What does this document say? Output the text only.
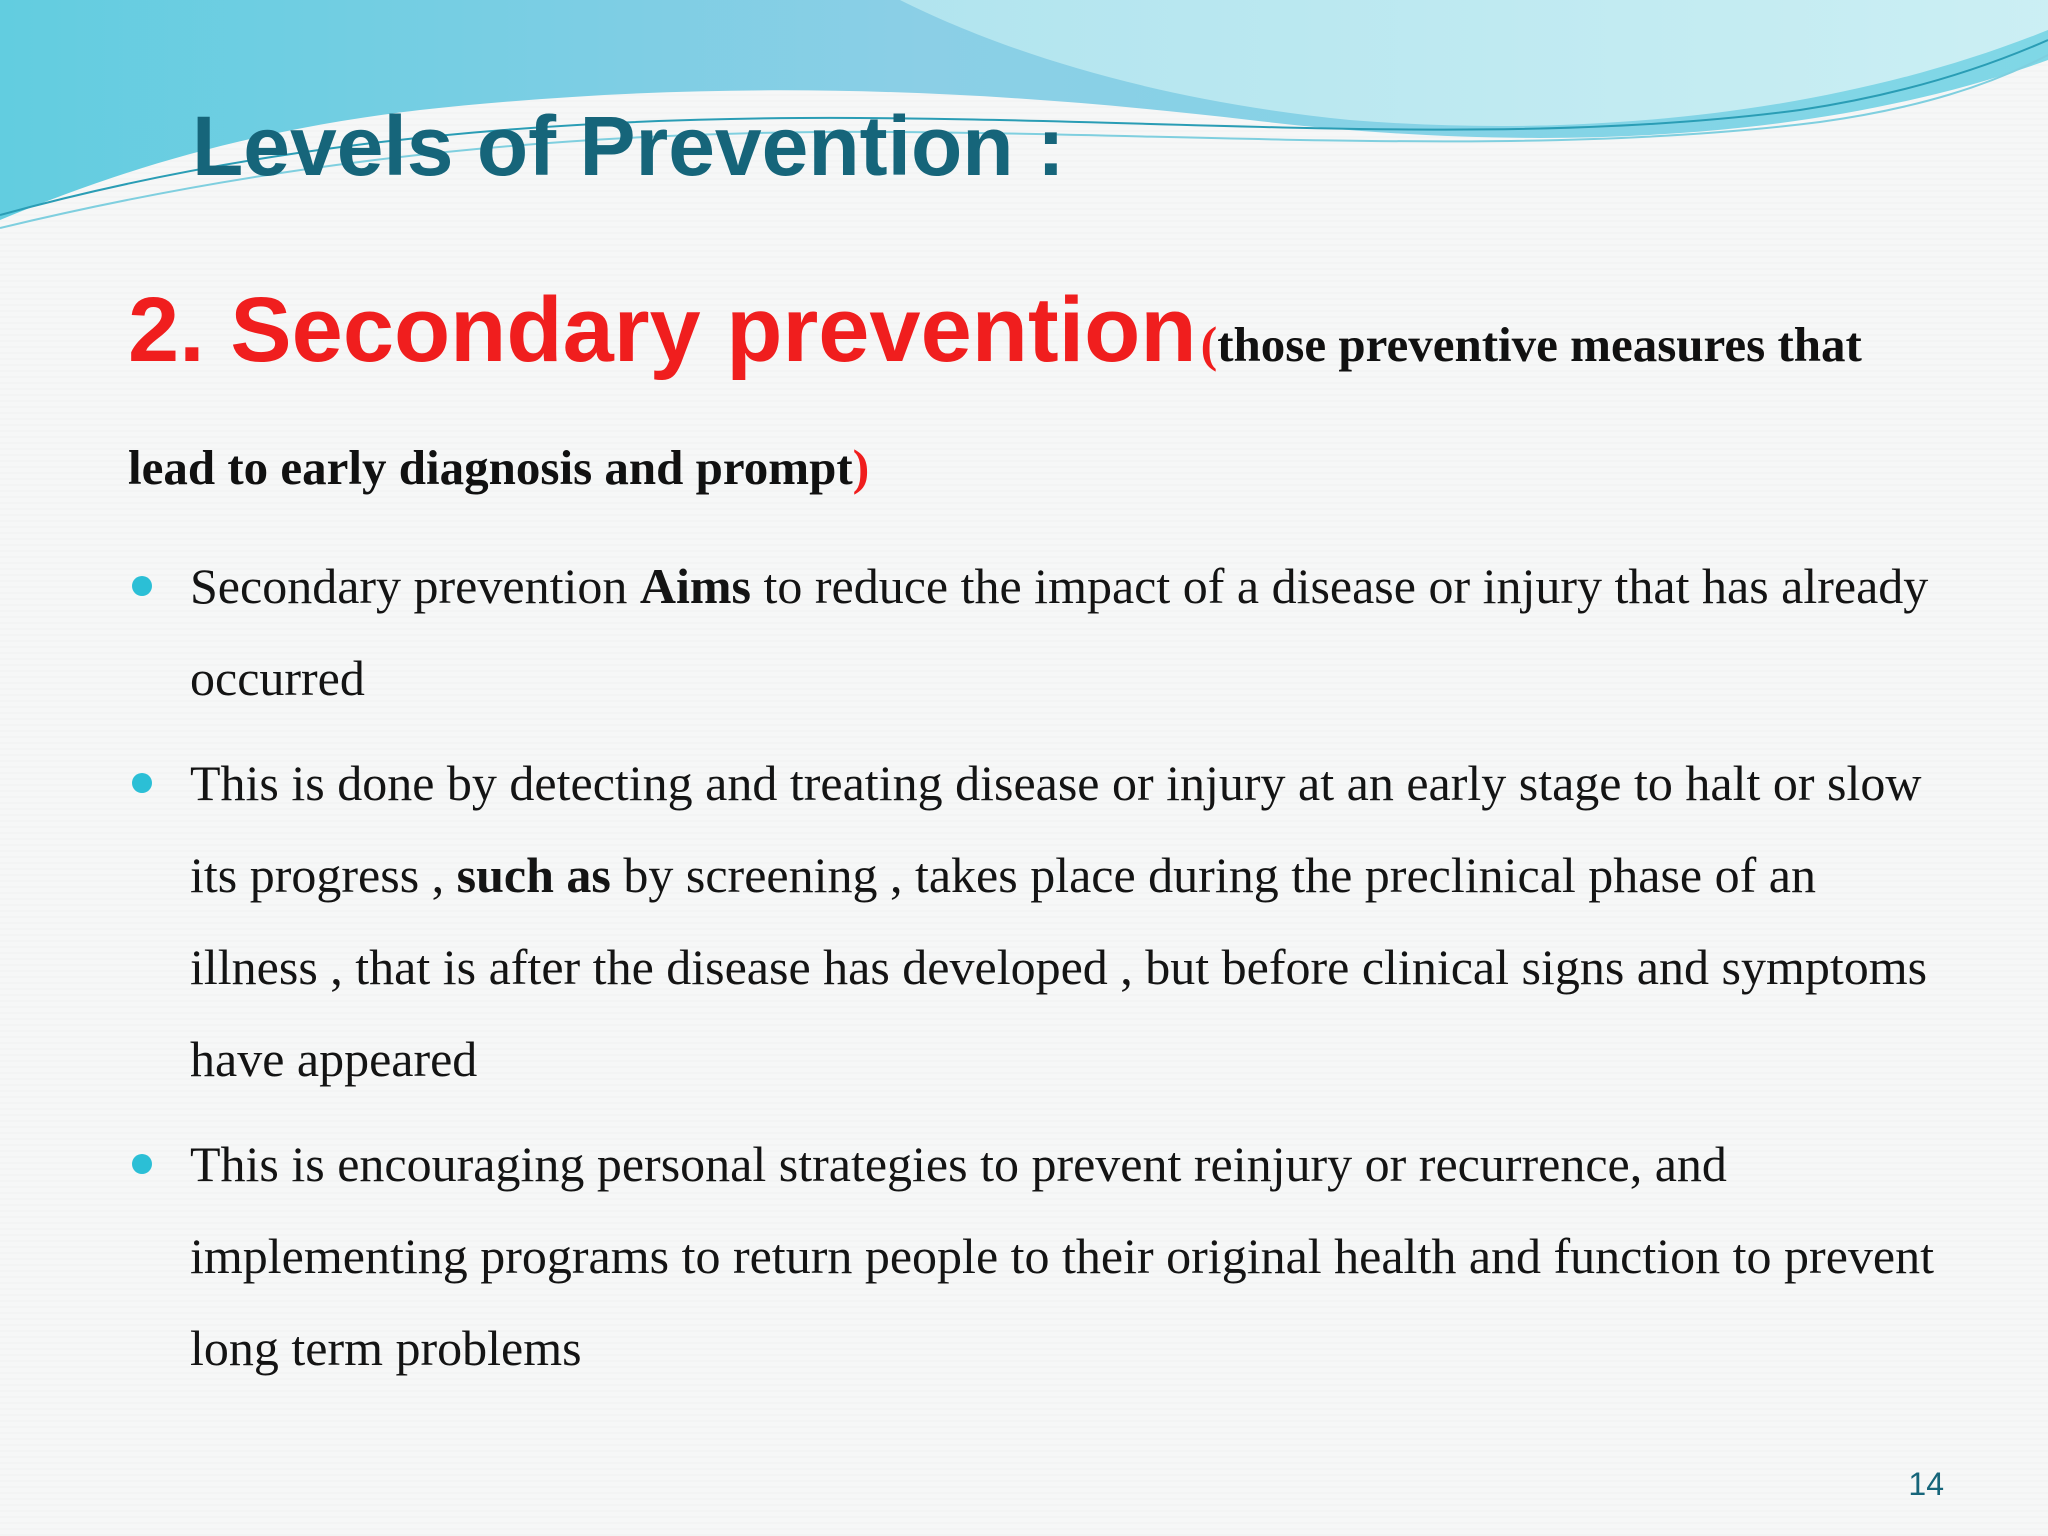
Levels of Prevention :
2. Secondary prevention (those preventive measures that
lead to early diagnosis and prompt)
Secondary prevention Aims to reduce the impact of a disease or injury that has already occurred
This is done by detecting and treating disease or injury at an early stage to halt or slow its progress , such as by screening , takes place during the preclinical phase of an illness , that is after the disease has developed , but before clinical signs and symptoms have appeared
This is encouraging personal strategies to prevent reinjury or recurrence, and implementing programs to return people to their original health and function to prevent long term problems
14
